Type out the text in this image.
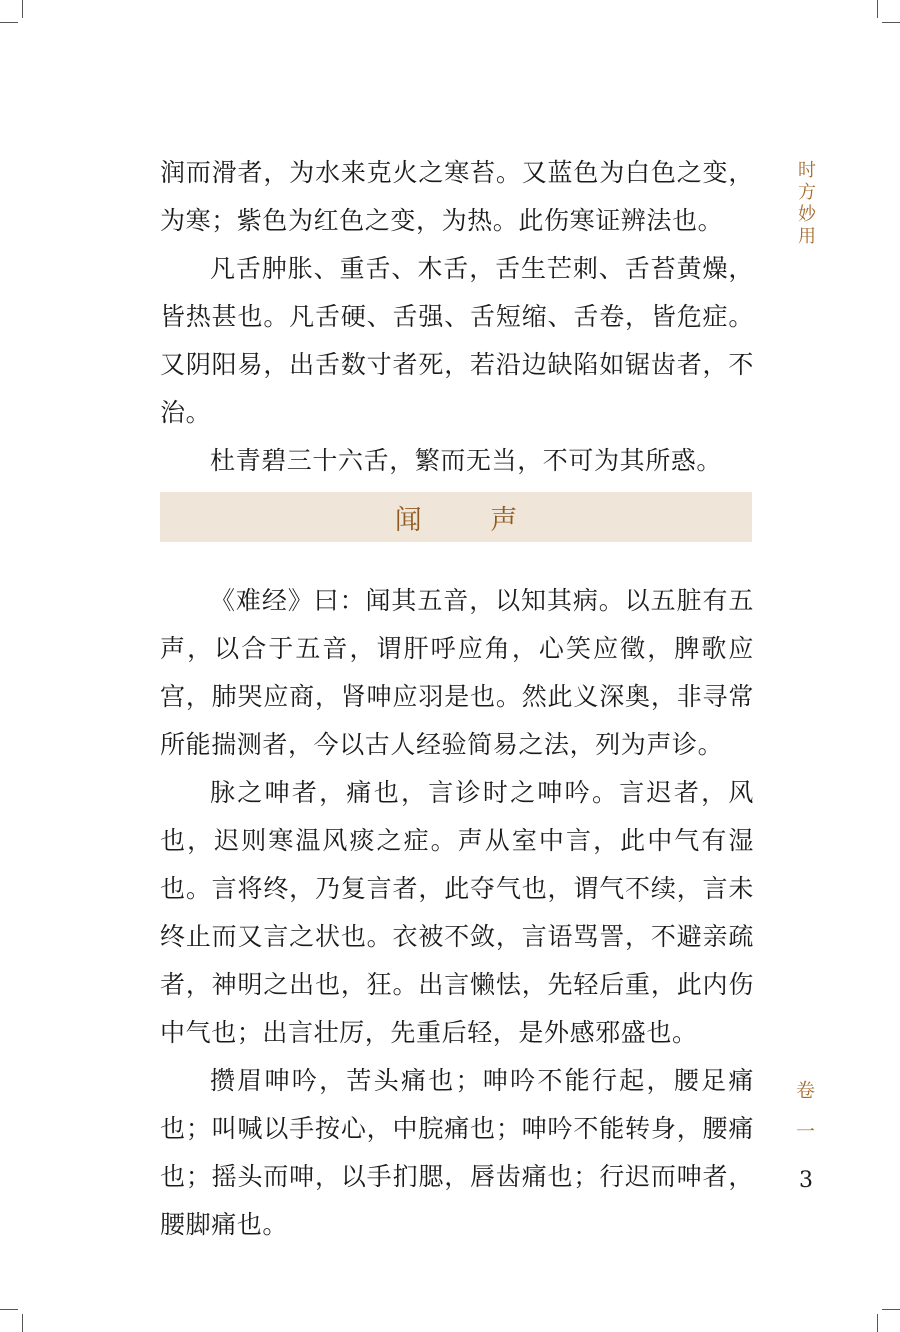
润而滑者，为水来克火之寒苔。又蓝色为白色之变，为寒；紫色为红色之变，为热。此伤寒证辨法也。

凡舌肿胀、重舌、木舌，舌生芒刺、舌苔黄燥，皆热甚也。凡舌硬、舌强、舌短缩、舌卷，皆危症。又阴阳易，出舌数寸者死，若沿边缺陷如锯齿者，不治。

杜青碧三十六舌，繁而无当，不可为其所惑。

闻 声

《难经》曰：闻其五音，以知其病。以五脏有五声，以合于五音，谓肝呼应角，心笑应徵，脾歌应宫，肺哭应商，肾呻应羽是也。然此义深奥，非寻常所能揣测者，今以古人经验简易之法，列为声诊。

脉之呻者，痛也，言诊时之呻吟。言迟者，风也，迟则寒温风痰之症。声从室中言，此中气有湿也。言将终，乃复言者，此夺气也，谓气不续，言未终止而又言之状也。衣被不敛，言语骂詈，不避亲疏者，神明之出也，狂。出言懒怯，先轻后重，此内伤中气也；出言壮厉，先重后轻，是外感邪盛也。

攒眉呻吟，苦头痛也；呻吟不能行起，腰足痛也；叫喊以手按心，中脘痛也；呻吟不能转身，腰痛也；摇头而呻，以手扪腮，唇齿痛也；行迟而呻者，腰脚痛也。

时方妙用
卷一
3
